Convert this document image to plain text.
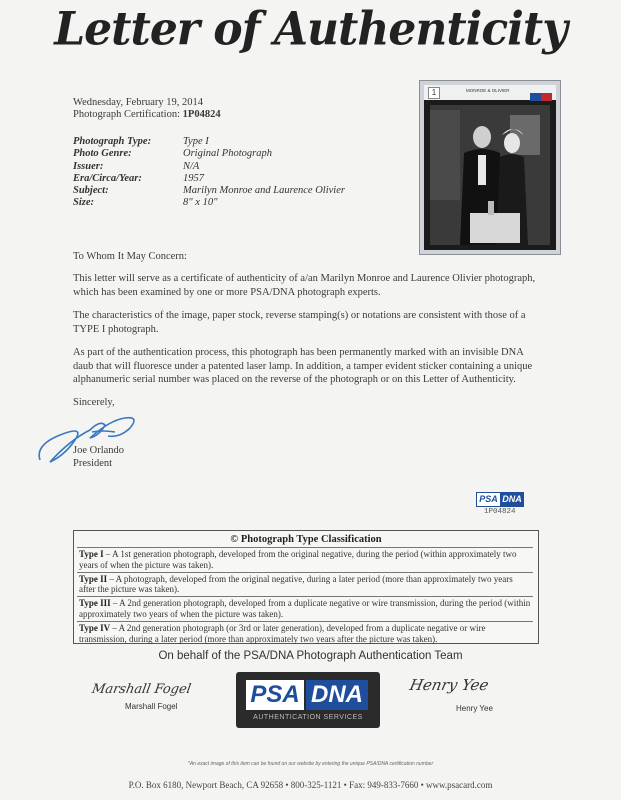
Letter of Authenticity
Wednesday, February 19, 2014
Photograph Certification: 1P04824
Photograph Type:	Type I
Photo Genre:	Original Photograph
Issuer:	N/A
Era/Circa/Year:	1957
Subject:	Marilyn Monroe and Laurence Olivier
Size:	8" x 10"
1	MONROE & OLIVIER
To Whom It May Concern:
This letter will serve as a certificate of authenticity of a/an Marilyn Monroe and Laurence Olivier photograph, which has been examined by one or more PSA/DNA photograph experts.
The characteristics of the image, paper stock, reverse stamping(s) or notations are consistent with those of a TYPE I photograph.
As part of the authentication process, this photograph has been permanently marked with an invisible DNA daub that will fluoresce under a patented laser lamp. In addition, a tamper evident sticker containing a unique alphanumeric serial number was placed on the reverse of the photograph or on this Letter of Authenticity.
Sincerely,
Joe Orlando
President
PSA DNA
1P04824
© Photograph Type Classification
Type I – A 1st generation photograph, developed from the original negative, during the period (within approximately two years of when the picture was taken).
Type II – A photograph, developed from the original negative, during a later period (more than approximately two years after the picture was taken).
Type III – A 2nd generation photograph, developed from a duplicate negative or wire transmission, during the period (within approximately two years of when the picture was taken).
Type IV – A 2nd generation photograph (or 3rd or later generation), developed from a duplicate negative or wire transmission, during a later period (more than approximately two years after the picture was taken).
On behalf of the PSA/DNA Photograph Authentication Team
Marshall Fogel
Marshall Fogel	PSA DNA
AUTHENTICATION SERVICES
Henry Yee
Henry Yee
*An exact image of this item can be found on our website by entering the unique PSA/DNA certification number
P.O. Box 6180, Newport Beach, CA 92658 • 800-325-1121 • Fax: 949-833-7660 • www.psacard.com
